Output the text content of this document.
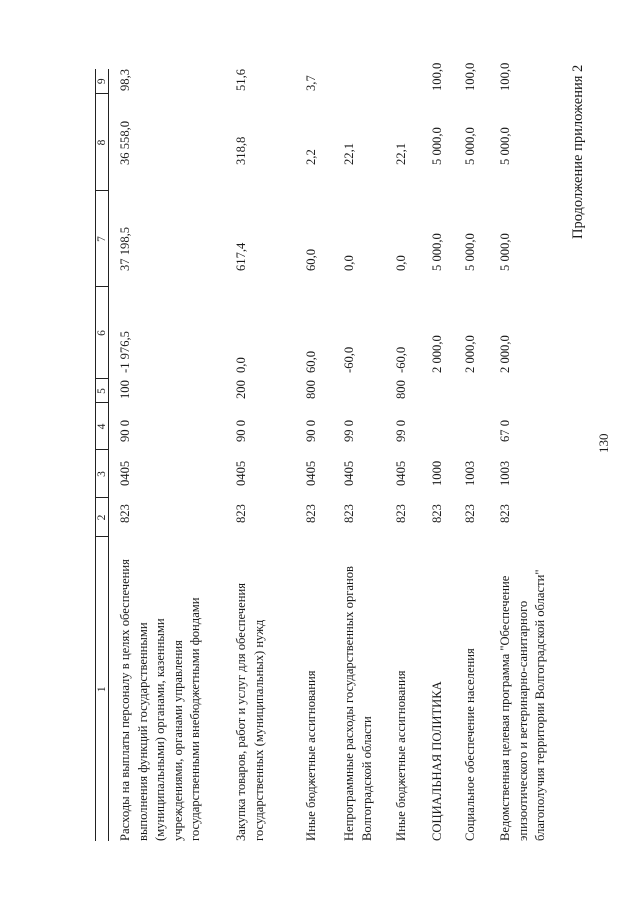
130
Продолжение приложения 2
1	2	3	4	5	6	7	8	9
Расходы на выплаты персоналу в целях обеспечения выполнения функций государственными (муниципальными) органами, казенными учреждениями, органами управления государственными внебюджетными фондами	823	0405	90 0	100	-1 976,5	37 198,5	36 558,0	98,3
Закупка товаров, работ и услуг для обеспечения государственных (муниципальных) нужд	823	0405	90 0	200	0,0	617,4	318,8	51,6
Иные бюджетные ассигнования	823	0405	90 0	800	60,0	60,0	2,2	3,7
Непрограммные расходы государственных органов Волгоградской области	823	0405	99 0		-60,0	0,0	22,1	
Иные бюджетные ассигнования	823	0405	99 0	800	-60,0	0,0	22,1	
СОЦИАЛЬНАЯ ПОЛИТИКА	823	1000			2 000,0	5 000,0	5 000,0	100,0
Социальное обеспечение населения	823	1003			2 000,0	5 000,0	5 000,0	100,0
Ведомственная целевая программа "Обеспечение эпизоотического и ветеринарно-санитарного благополучия территории Волгоградской области"	823	1003	67 0		2 000,0	5 000,0	5 000,0	100,0
